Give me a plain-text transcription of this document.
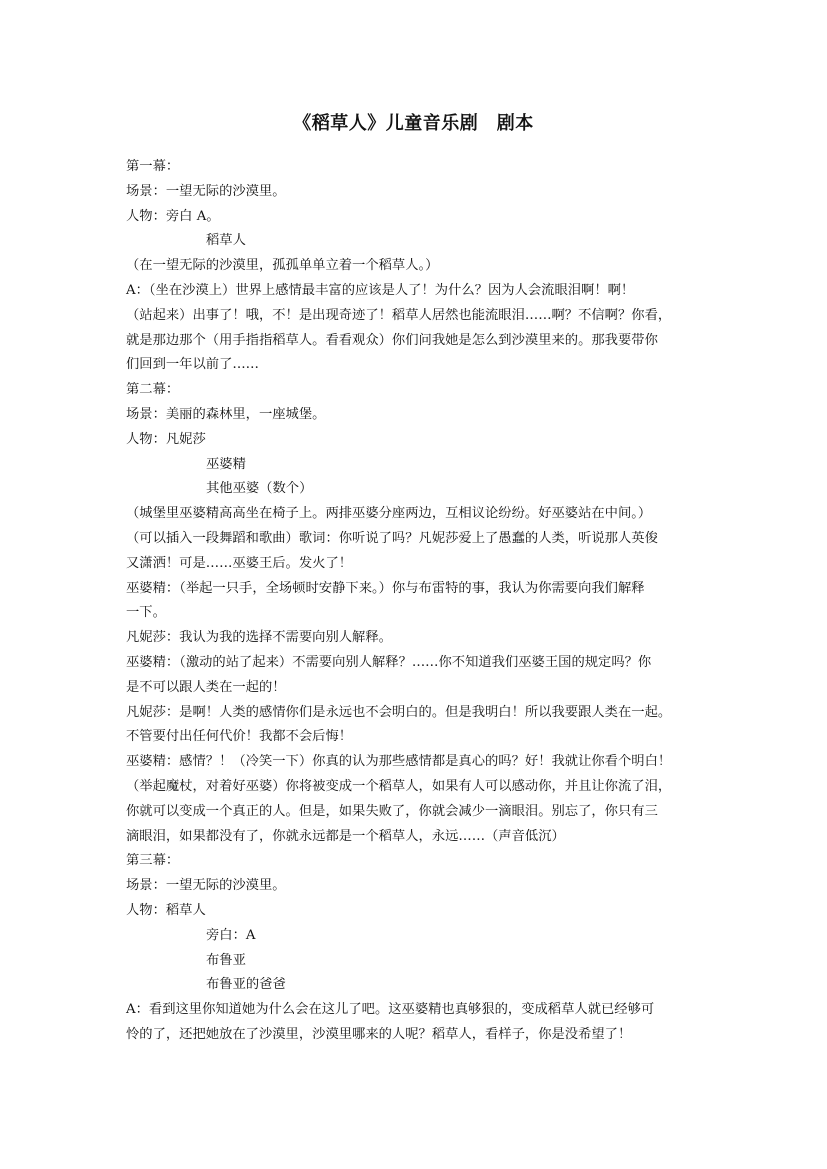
《稻草人》儿童音乐剧　剧本
第一幕：
场景：一望无际的沙漠里。
人物：旁白 A。
稻草人
（在一望无际的沙漠里，孤孤单单立着一个稻草人。）
A：（坐在沙漠上）世界上感情最丰富的应该是人了！为什么？因为人会流眼泪啊！啊！
（站起来）出事了！哦，不！是出现奇迹了！稻草人居然也能流眼泪……啊？不信啊？你看，
就是那边那个（用手指指稻草人。看看观众）你们问我她是怎么到沙漠里来的。那我要带你
们回到一年以前了……
第二幕：
场景：美丽的森林里，一座城堡。
人物：凡妮莎
巫婆精
其他巫婆（数个）
（城堡里巫婆精高高坐在椅子上。两排巫婆分座两边，互相议论纷纷。好巫婆站在中间。）
（可以插入一段舞蹈和歌曲）歌词：你听说了吗？凡妮莎爱上了愚蠢的人类，听说那人英俊
又潇洒！可是……巫婆王后。发火了！
巫婆精：（举起一只手，全场顿时安静下来。）你与布雷特的事，我认为你需要向我们解释
一下。
凡妮莎：我认为我的选择不需要向别人解释。
巫婆精：（激动的站了起来）不需要向别人解释？……你不知道我们巫婆王国的规定吗？你
是不可以跟人类在一起的！
凡妮莎：是啊！人类的感情你们是永远也不会明白的。但是我明白！所以我要跟人类在一起。
不管要付出任何代价！我都不会后悔！
巫婆精：感情？！（冷笑一下）你真的认为那些感情都是真心的吗？好！我就让你看个明白！
（举起魔杖，对着好巫婆）你将被变成一个稻草人，如果有人可以感动你，并且让你流了泪，
你就可以变成一个真正的人。但是，如果失败了，你就会减少一滴眼泪。别忘了，你只有三
滴眼泪，如果都没有了，你就永远都是一个稻草人，永远……（声音低沉）
第三幕：
场景：一望无际的沙漠里。
人物：稻草人
旁白：A
布鲁亚
布鲁亚的爸爸
A：看到这里你知道她为什么会在这儿了吧。这巫婆精也真够狠的，变成稻草人就已经够可
怜的了，还把她放在了沙漠里，沙漠里哪来的人呢？稻草人，看样子，你是没希望了！
